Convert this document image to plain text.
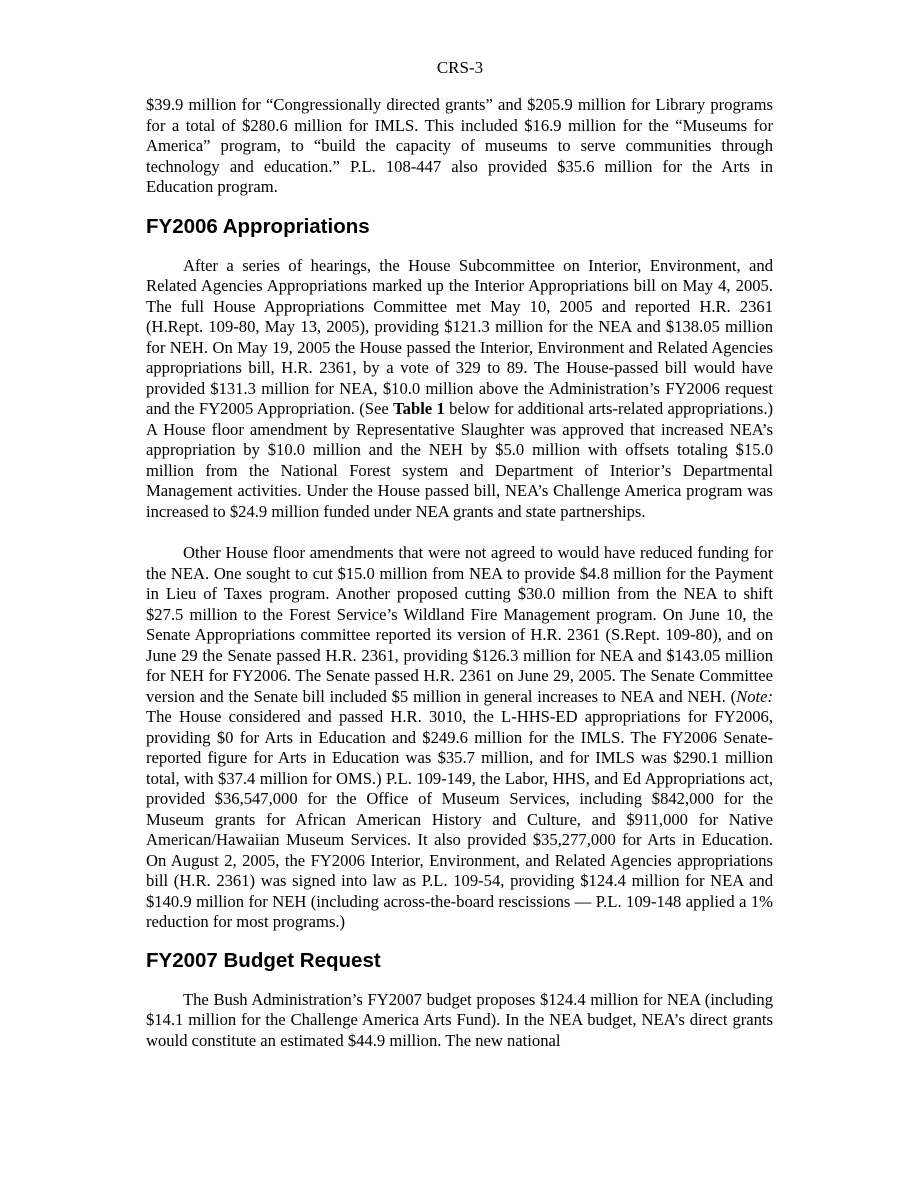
CRS-3

$39.9 million for “Congressionally directed grants” and $205.9 million for Library programs for a total of $280.6 million for IMLS. This included $16.9 million for the “Museums for America” program, to “build the capacity of museums to serve communities through technology and education.” P.L. 108-447 also provided $35.6 million for the Arts in Education program.

FY2006 Appropriations

After a series of hearings, the House Subcommittee on Interior, Environment, and Related Agencies Appropriations marked up the Interior Appropriations bill on May 4, 2005. The full House Appropriations Committee met May 10, 2005 and reported H.R. 2361 (H.Rept. 109-80, May 13, 2005), providing $121.3 million for the NEA and $138.05 million for NEH. On May 19, 2005 the House passed the Interior, Environment and Related Agencies appropriations bill, H.R. 2361, by a vote of 329 to 89. The House-passed bill would have provided $131.3 million for NEA, $10.0 million above the Administration’s FY2006 request and the FY2005 Appropriation. (See Table 1 below for additional arts-related appropriations.) A House floor amendment by Representative Slaughter was approved that increased NEA’s appropriation by $10.0 million and the NEH by $5.0 million with offsets totaling $15.0 million from the National Forest system and Department of Interior’s Departmental Management activities. Under the House passed bill, NEA’s Challenge America program was increased to $24.9 million funded under NEA grants and state partnerships.

Other House floor amendments that were not agreed to would have reduced funding for the NEA. One sought to cut $15.0 million from NEA to provide $4.8 million for the Payment in Lieu of Taxes program. Another proposed cutting $30.0 million from the NEA to shift $27.5 million to the Forest Service’s Wildland Fire Management program. On June 10, the Senate Appropriations committee reported its version of H.R. 2361 (S.Rept. 109-80), and on June 29 the Senate passed H.R. 2361, providing $126.3 million for NEA and $143.05 million for NEH for FY2006. The Senate passed H.R. 2361 on June 29, 2005. The Senate Committee version and the Senate bill included $5 million in general increases to NEA and NEH. (Note: The House considered and passed H.R. 3010, the L-HHS-ED appropriations for FY2006, providing $0 for Arts in Education and $249.6 million for the IMLS. The FY2006 Senate-reported figure for Arts in Education was $35.7 million, and for IMLS was $290.1 million total, with $37.4 million for OMS.) P.L. 109-149, the Labor, HHS, and Ed Appropriations act, provided $36,547,000 for the Office of Museum Services, including $842,000 for the Museum grants for African American History and Culture, and $911,000 for Native American/Hawaiian Museum Services. It also provided $35,277,000 for Arts in Education. On August 2, 2005, the FY2006 Interior, Environment, and Related Agencies appropriations bill (H.R. 2361) was signed into law as P.L. 109-54, providing $124.4 million for NEA and $140.9 million for NEH (including across-the-board rescissions — P.L. 109-148 applied a 1% reduction for most programs.)

FY2007 Budget Request

The Bush Administration’s FY2007 budget proposes $124.4 million for NEA (including $14.1 million for the Challenge America Arts Fund). In the NEA budget, NEA’s direct grants would constitute an estimated $44.9 million. The new national
